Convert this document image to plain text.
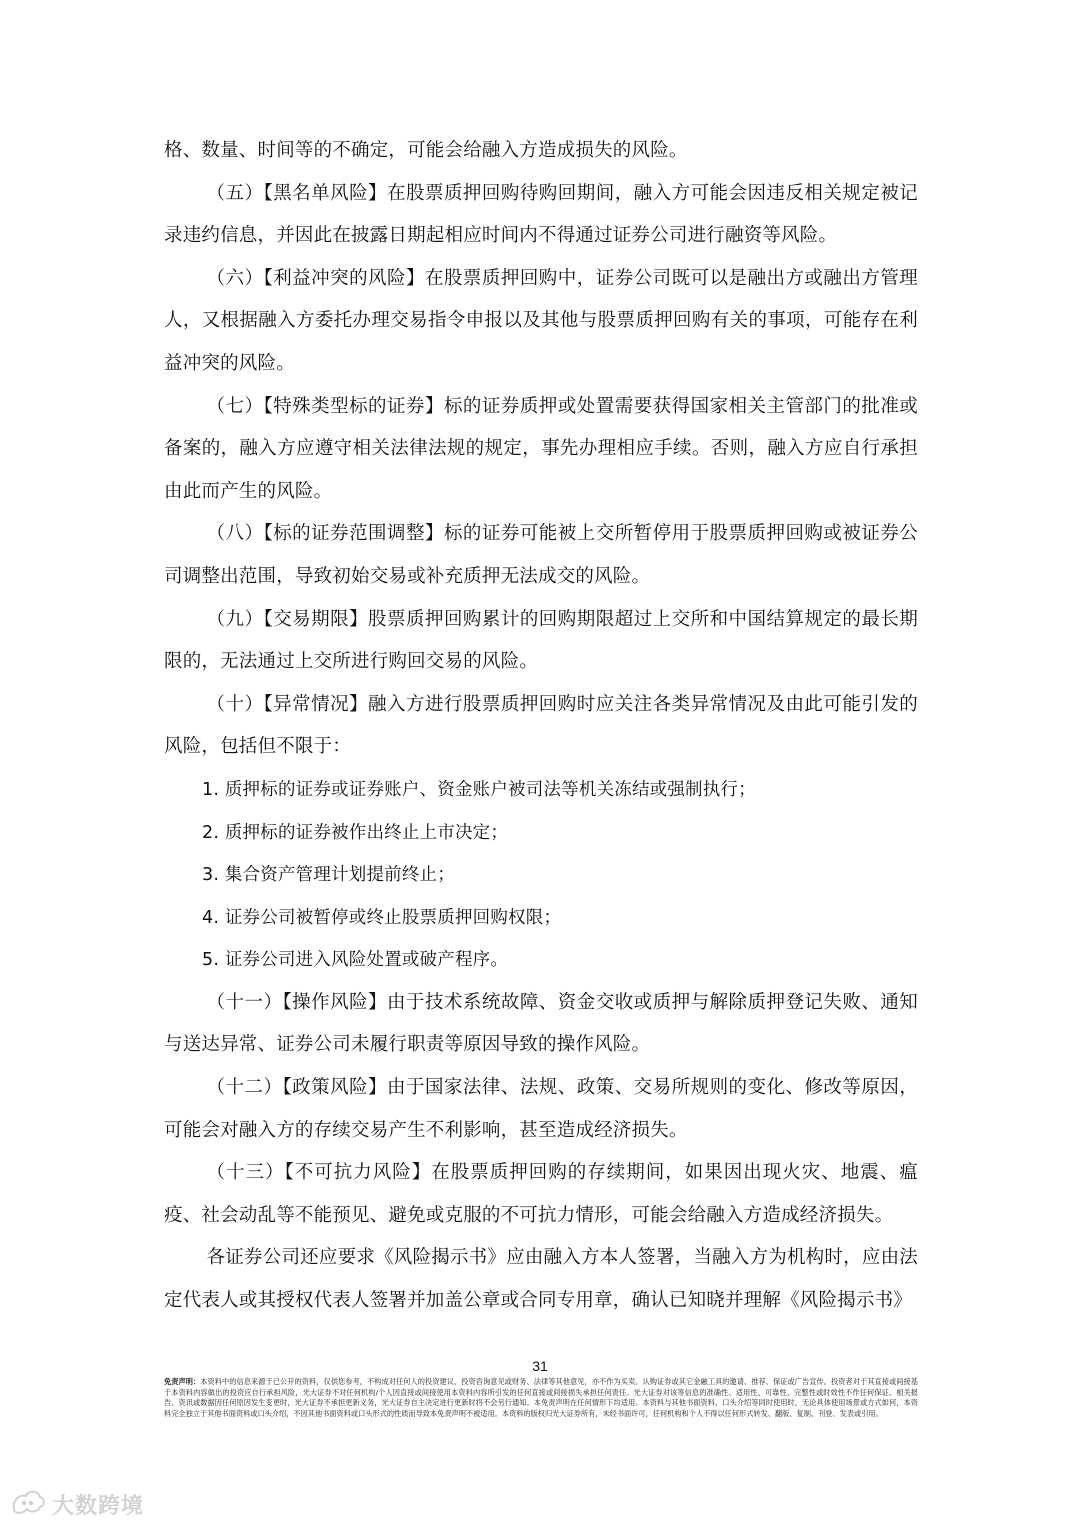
格、数量、时间等的不确定，可能会给融入方造成损失的风险。

（五）【黑名单风险】在股票质押回购待购回期间，融入方可能会因违反相关规定被记录违约信息，并因此在披露日期起相应时间内不得通过证券公司进行融资等风险。

（六）【利益冲突的风险】在股票质押回购中，证券公司既可以是融出方或融出方管理人，又根据融入方委托办理交易指令申报以及其他与股票质押回购有关的事项，可能存在利益冲突的风险。

（七）【特殊类型标的证券】标的证券质押或处置需要获得国家相关主管部门的批准或备案的，融入方应遵守相关法律法规的规定，事先办理相应手续。否则，融入方应自行承担由此而产生的风险。

（八）【标的证券范围调整】标的证券可能被上交所暂停用于股票质押回购或被证券公司调整出范围，导致初始交易或补充质押无法成交的风险。

（九）【交易期限】股票质押回购累计的回购期限超过上交所和中国结算规定的最长期限的，无法通过上交所进行购回交易的风险。

（十）【异常情况】融入方进行股票质押回购时应关注各类异常情况及由此可能引发的风险，包括但不限于：

1. 质押标的证券或证券账户、资金账户被司法等机关冻结或强制执行；

2. 质押标的证券被作出终止上市决定；

3. 集合资产管理计划提前终止；

4. 证券公司被暂停或终止股票质押回购权限；

5. 证券公司进入风险处置或破产程序。

（十一）【操作风险】由于技术系统故障、资金交收或质押与解除质押登记失败、通知与送达异常、证券公司未履行职责等原因导致的操作风险。

（十二）【政策风险】由于国家法律、法规、政策、交易所规则的变化、修改等原因，可能会对融入方的存续交易产生不利影响，甚至造成经济损失。

（十三）【不可抗力风险】在股票质押回购的存续期间，如果因出现火灾、地震、瘟疫、社会动乱等不能预见、避免或克服的不可抗力情形，可能会给融入方造成经济损失。

各证券公司还应要求《风险揭示书》应由融入方本人签署，当融入方为机构时，应由法定代表人或其授权代表人签署并加盖公章或合同专用章，确认已知晓并理解《风险揭示书》

31
免责声明：本资料中的信息来源于已公开的资料，仅供您参考，不构成对任何人的投资建议、投资咨询意见或财务、法律等其他意见，亦不作为买卖、认购证券或其它金融工具的邀请、推荐、保证或广告宣传。投资者对于其直接或间接基于本资料内容做出的投资应自行承担风险，光大证券不对任何机构/个人因直接或间接使用本资料内容所引发的任何直接或间接损失承担任何责任。光大证券对该等信息的准确性、适用性、可靠性、完整性或时效性不作任何保证。相关报告、资讯或数据因任何原因发生变更时，光大证券不承担更新义务，光大证券自主决定进行更新时将不会另行通知。本免责声明在任何情形下均适用。本资料与其他书面资料、口头介绍等同时使用时，无论具体使用场景或方式如何，本资料完全独立于其他书面资料或口头介绍，不因其他书面资料或口头形式的性质而导致本免责声明不被适用。本资料的版权归光大证券所有，未经书面许可，任何机构和个人不得以任何形式转发、翻版、复制、刊登、发表或引用。
大数跨境
